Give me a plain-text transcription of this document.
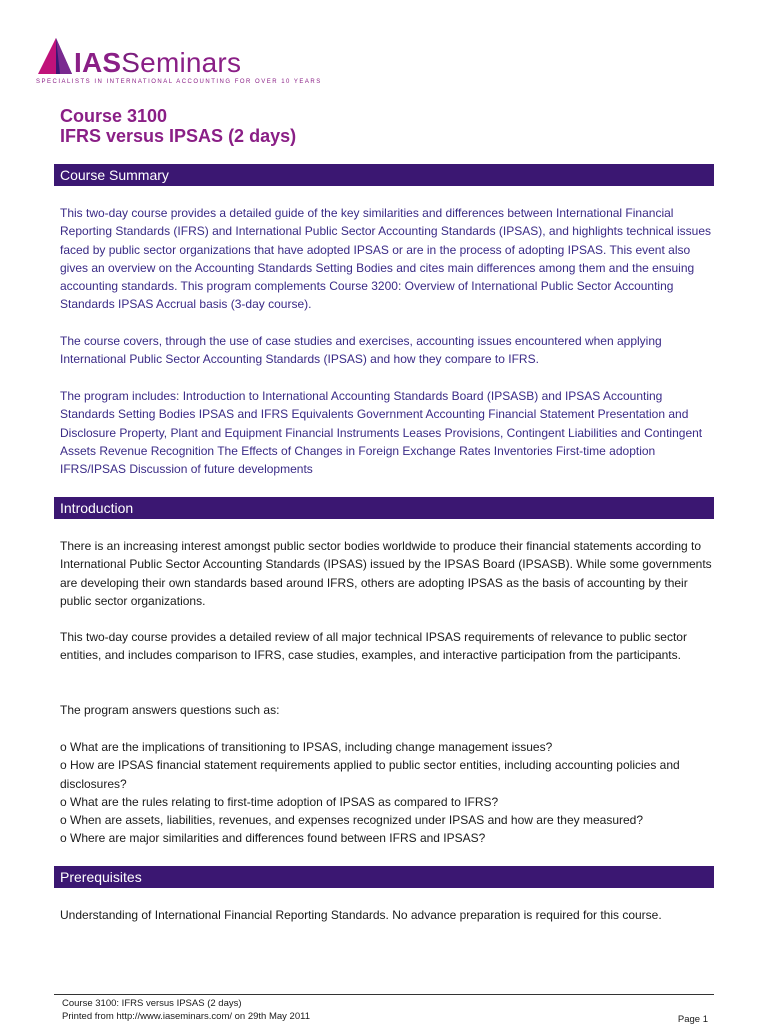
IASSeminars
SPECIALISTS IN INTERNATIONAL ACCOUNTING FOR OVER 10 YEARS
Course 3100
IFRS versus IPSAS (2 days)
Course Summary
This two-day course provides a detailed guide of the key similarities and differences between International Financial Reporting Standards (IFRS) and International Public Sector Accounting Standards (IPSAS), and highlights technical issues faced by public sector organizations that have adopted IPSAS or are in the process of adopting IPSAS. This event also gives an overview on the Accounting Standards Setting Bodies and cites main differences among them and the ensuing accounting standards. This program complements Course 3200: Overview of International Public Sector Accounting Standards IPSAS Accrual basis (3-day course).
The course covers, through the use of case studies and exercises, accounting issues encountered when applying International Public Sector Accounting Standards (IPSAS) and how they compare to IFRS.
The program includes: Introduction to International Accounting Standards Board (IPSASB) and IPSAS Accounting Standards Setting Bodies IPSAS and IFRS Equivalents Government Accounting Financial Statement Presentation and Disclosure Property, Plant and Equipment Financial Instruments Leases Provisions, Contingent Liabilities and Contingent Assets Revenue Recognition The Effects of Changes in Foreign Exchange Rates Inventories First-time adoption IFRS/IPSAS Discussion of future developments
Introduction
There is an increasing interest amongst public sector bodies worldwide to produce their financial statements according to International Public Sector Accounting Standards (IPSAS) issued by the IPSAS Board (IPSASB). While some governments are developing their own standards based around IFRS, others are adopting IPSAS as the basis of accounting by their public sector organizations.
This two-day course provides a detailed review of all major technical IPSAS requirements of relevance to public sector entities, and includes comparison to IFRS, case studies, examples, and interactive participation from the participants.
The program answers questions such as:
o What are the implications of transitioning to IPSAS, including change management issues?
o How are IPSAS financial statement requirements applied to public sector entities, including accounting policies and disclosures?
o What are the rules relating to first-time adoption of IPSAS as compared to IFRS?
o When are assets, liabilities, revenues, and expenses recognized under IPSAS and how are they measured?
o Where are major similarities and differences found between IFRS and IPSAS?
Prerequisites
Understanding of International Financial Reporting Standards. No advance preparation is required for this course.
Course 3100: IFRS versus IPSAS (2 days)
Printed from http://www.iaseminars.com/ on 29th May 2011	Page 1
